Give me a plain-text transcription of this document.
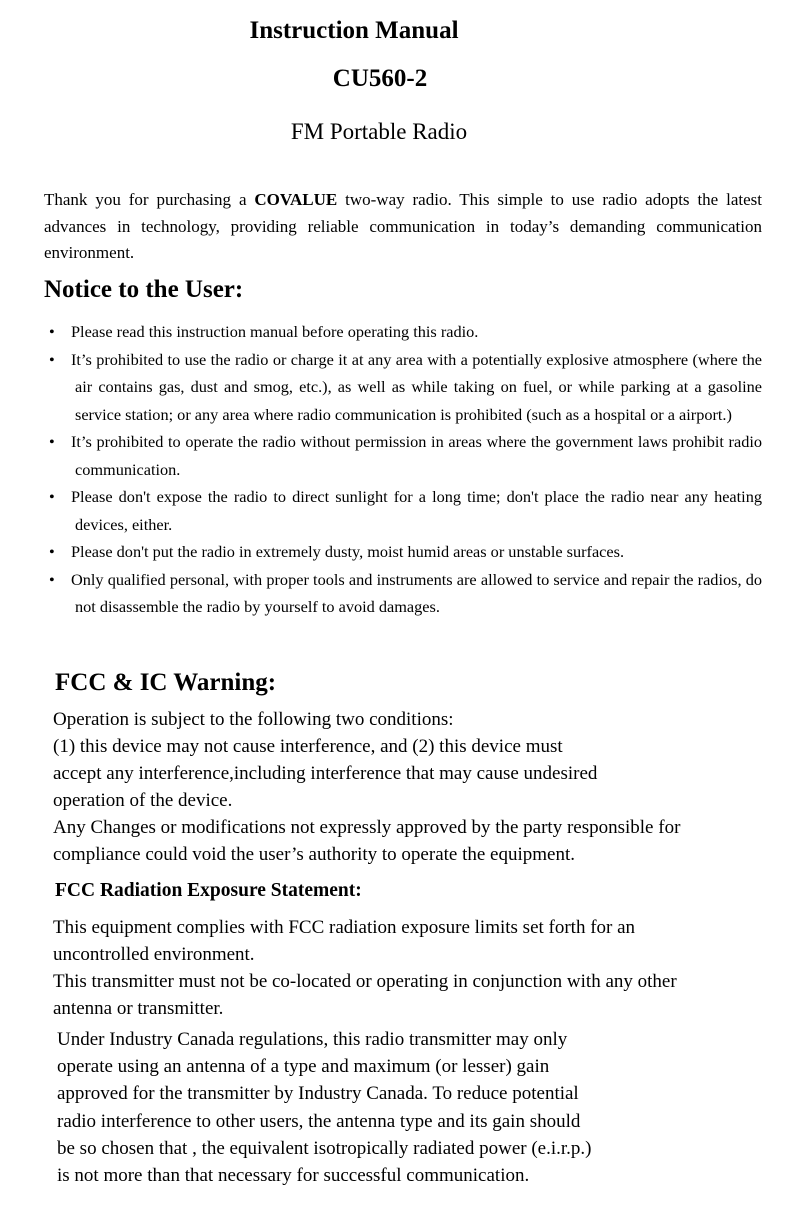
Instruction Manual
CU560-2
FM Portable Radio

Thank you for purchasing a COVALUE two-way radio. This simple to use radio adopts the latest advances in technology, providing reliable communication in today’s demanding communication environment.

Notice to the User:
• Please read this instruction manual before operating this radio.
• It’s prohibited to use the radio or charge it at any area with a potentially explosive atmosphere (where the air contains gas, dust and smog, etc.), as well as while taking on fuel, or while parking at a gasoline service station; or any area where radio communication is prohibited (such as a hospital or a airport.)
• It’s prohibited to operate the radio without permission in areas where the government laws prohibit radio communication.
• Please don't expose the radio to direct sunlight for a long time; don't place the radio near any heating devices, either.
• Please don't put the radio in extremely dusty, moist humid areas or unstable surfaces.
• Only qualified personal, with proper tools and instruments are allowed to service and repair the radios, do not disassemble the radio by yourself to avoid damages.
FCC & IC Warning:

Operation is subject to the following two conditions:
(1) this device may not cause interference, and (2) this device must
accept any interference,including interference that may cause undesired
operation of the device.
Any Changes or modifications not expressly approved by the party responsible for
compliance could void the user’s authority to operate the equipment.

FCC Radiation Exposure Statement:

This equipment complies with FCC radiation exposure limits set forth for an
uncontrolled environment.
This transmitter must not be co-located or operating in conjunction with any other
antenna or transmitter.

Under Industry Canada regulations, this radio transmitter may only
operate using an antenna of a type and maximum (or lesser) gain
approved for the transmitter by Industry Canada. To reduce potential
radio interference to other users, the antenna type and its gain should
be so chosen that , the equivalent isotropically radiated power (e.i.r.p.)
is not more than that necessary for successful communication.
